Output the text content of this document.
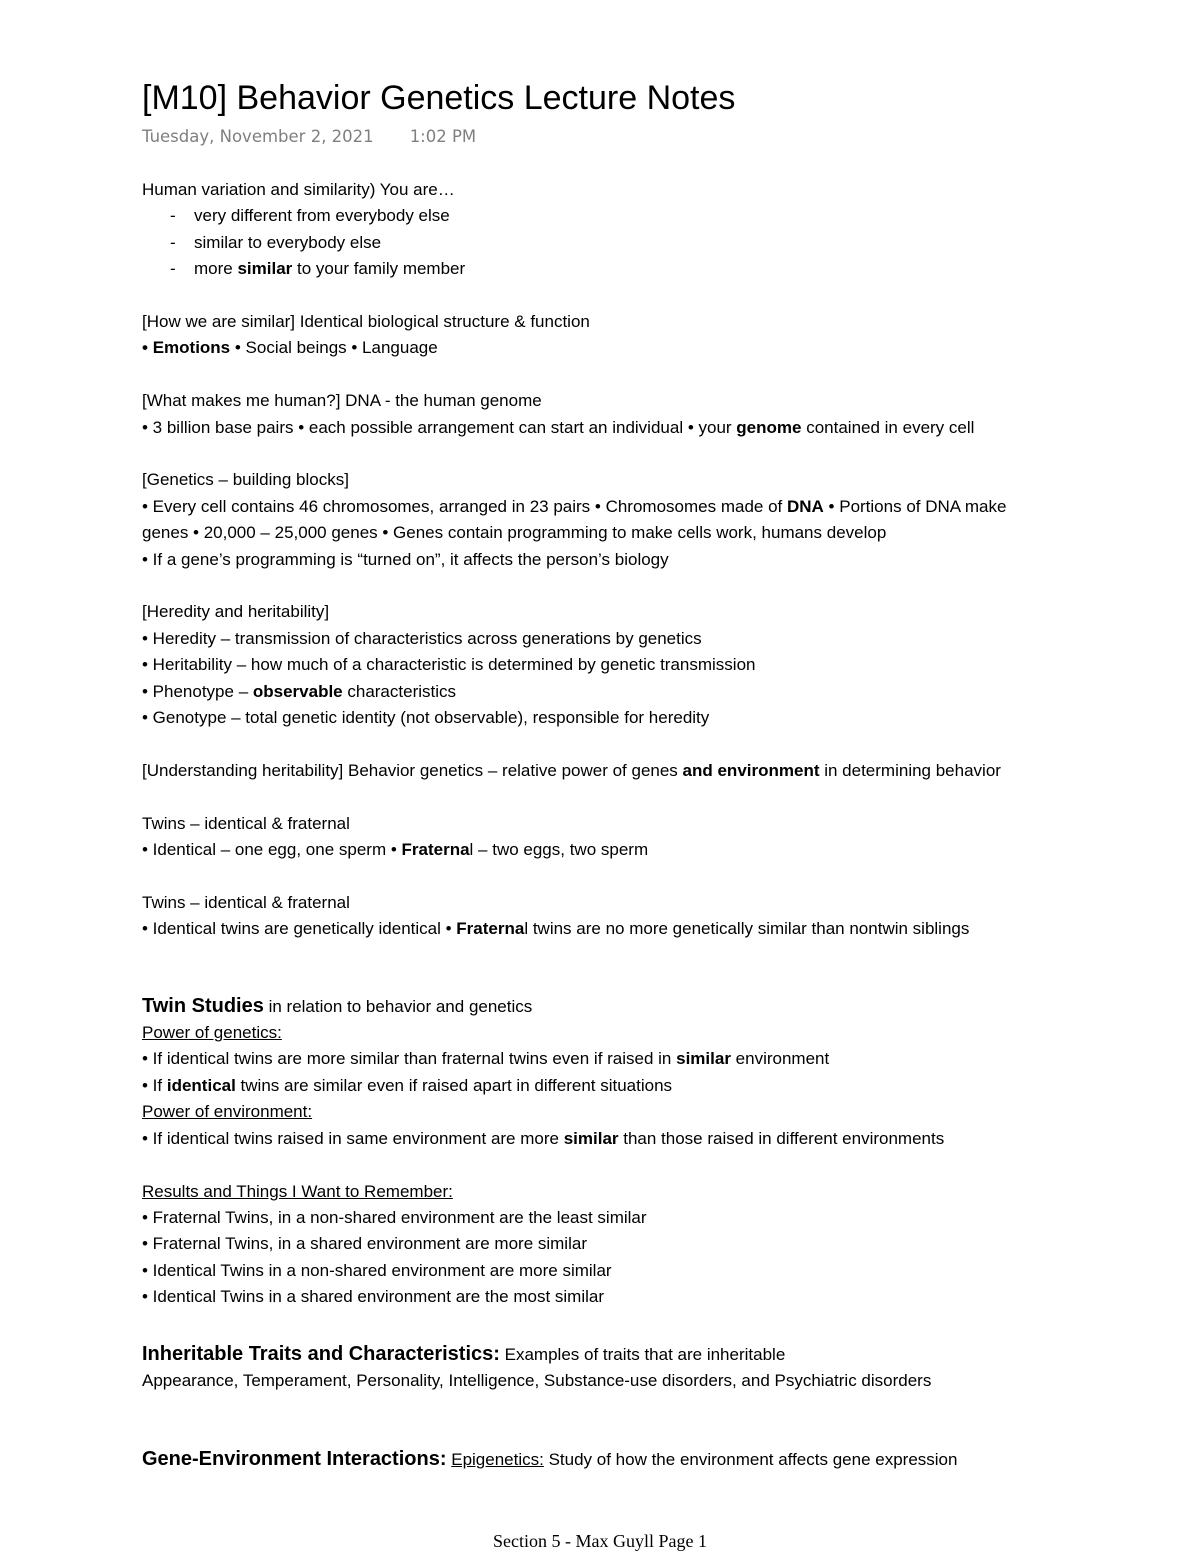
[M10] Behavior Genetics Lecture Notes
Tuesday, November 2, 2021 1:02 PM
Human variation and similarity) You are…
- very different from everybody else
- similar to everybody else
- more similar to your family member
[How we are similar] Identical biological structure & function
• Emotions • Social beings • Language
[What makes me human?] DNA - the human genome
• 3 billion base pairs • each possible arrangement can start an individual • your genome contained in every cell
[Genetics – building blocks]
• Every cell contains 46 chromosomes, arranged in 23 pairs • Chromosomes made of DNA • Portions of DNA make
genes • 20,000 – 25,000 genes • Genes contain programming to make cells work, humans develop
• If a gene’s programming is “turned on”, it affects the person’s biology
[Heredity and heritability]
• Heredity – transmission of characteristics across generations by genetics
• Heritability – how much of a characteristic is determined by genetic transmission
• Phenotype – observable characteristics
• Genotype – total genetic identity (not observable), responsible for heredity
[Understanding heritability] Behavior genetics – relative power of genes and environment in determining behavior
Twins – identical & fraternal
• Identical – one egg, one sperm • Fraternal – two eggs, two sperm
Twins – identical & fraternal
• Identical twins are genetically identical • Fraternal twins are no more genetically similar than nontwin siblings
Twin Studies in relation to behavior and genetics
Power of genetics:
• If identical twins are more similar than fraternal twins even if raised in similar environment
• If identical twins are similar even if raised apart in different situations
Power of environment:
• If identical twins raised in same environment are more similar than those raised in different environments
Results and Things I Want to Remember:
• Fraternal Twins, in a non-shared environment are the least similar
• Fraternal Twins, in a shared environment are more similar
• Identical Twins in a non-shared environment are more similar
• Identical Twins in a shared environment are the most similar
Inheritable Traits and Characteristics: Examples of traits that are inheritable
Appearance, Temperament, Personality, Intelligence, Substance-use disorders, and Psychiatric disorders
Gene-Environment Interactions: Epigenetics: Study of how the environment affects gene expression
Section 5 - Max Guyll Page 1
